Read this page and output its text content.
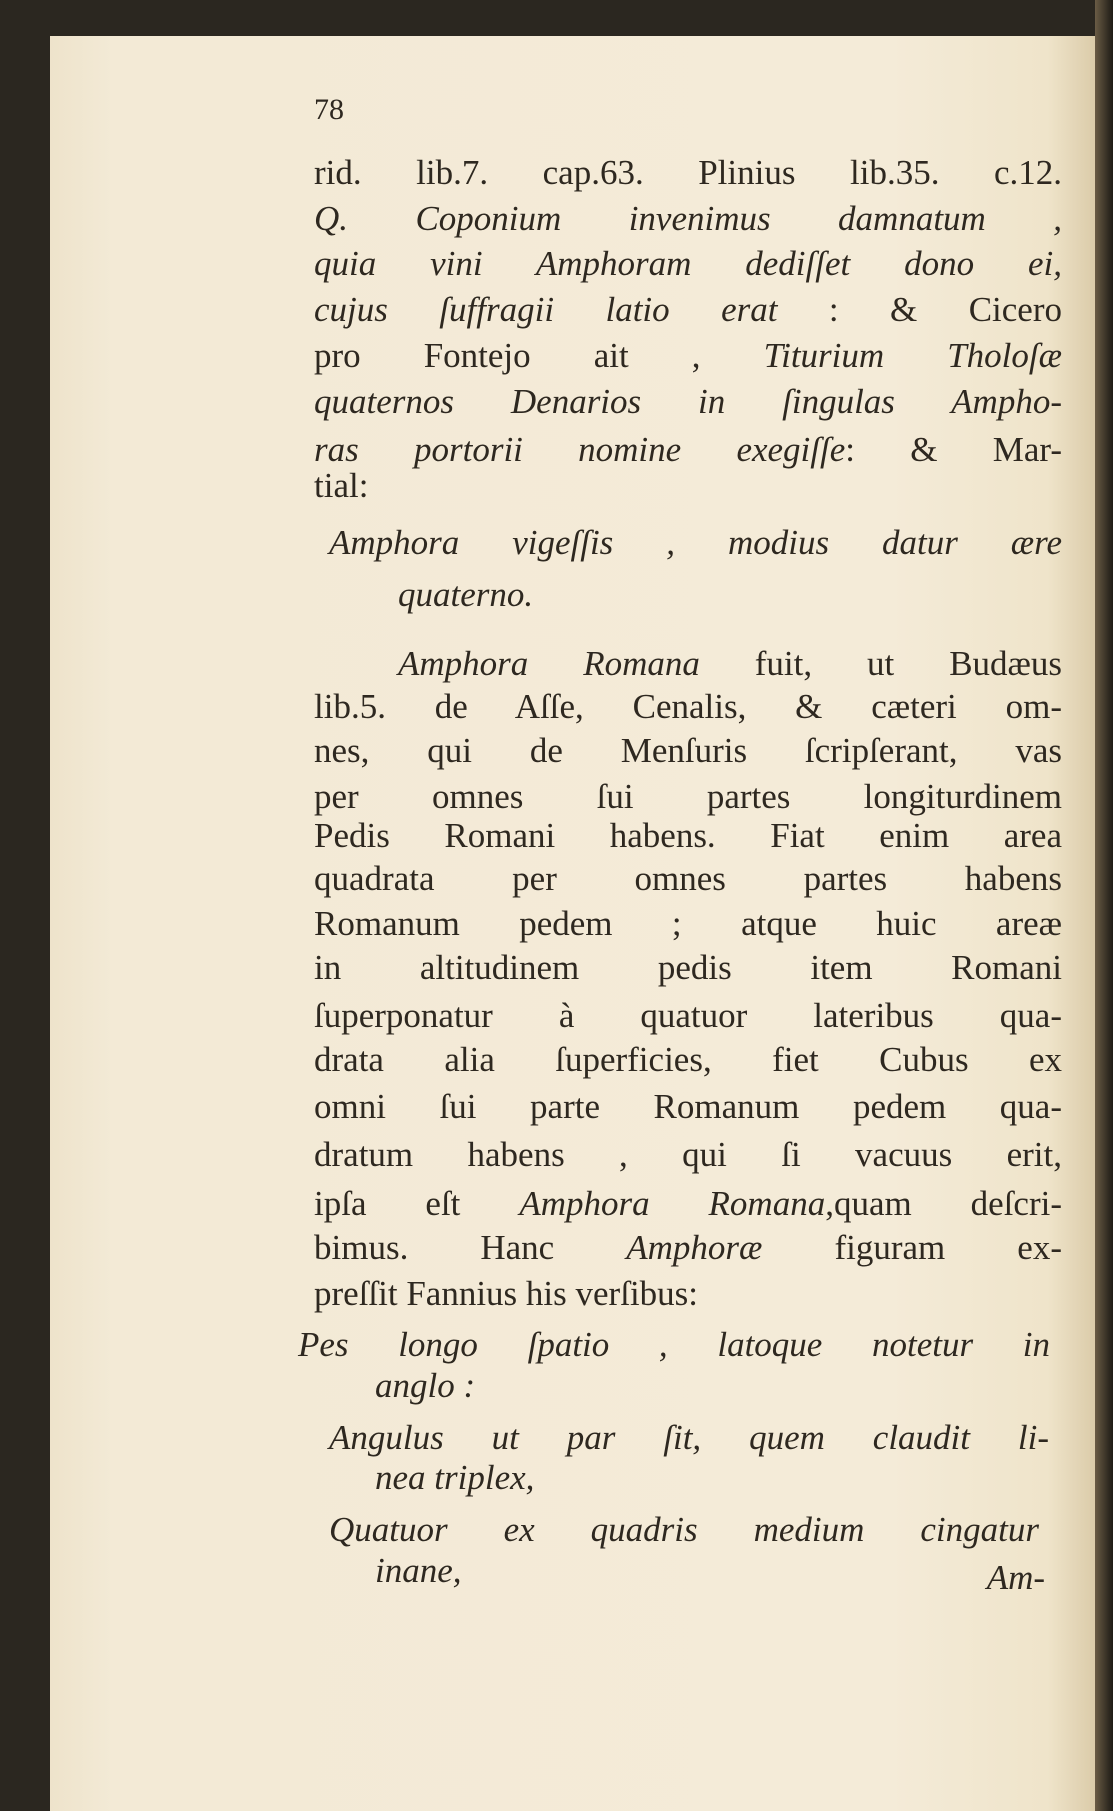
78
rid. lib.7. cap.63. Plinius lib.35. c.12.
Q. Coponium invenimus damnatum ,
quia vini Amphoram dediſſet dono ei,
cujus ſuffragii latio erat : & Cicero
pro Fontejo ait , Titurium Tholoſæ
quaternos Denarios in ſingulas Ampho-
ras portorii nomine exegiſſe: & Mar-
tial:
Amphora vigeſſis , modius datur ære
quaterno.
Amphora Romana fuit, ut Budæus
lib.5. de Aſſe, Cenalis, & cæteri om-
nes, qui de Menſuris ſcripſerant, vas
per omnes ſui partes longiturdinem
Pedis Romani habens. Fiat enim area
quadrata per omnes partes habens
Romanum pedem ; atque huic areæ
in altitudinem pedis item Romani
ſuperponatur à quatuor lateribus qua-
drata alia ſuperficies, fiet Cubus ex
omni ſui parte Romanum pedem qua-
dratum habens , qui ſi vacuus erit,
ipſa eſt Amphora Romana,quam deſcri-
bimus. Hanc Amphoræ figuram ex-
preſſit Fannius his verſibus:
Pes longo ſpatio , latoque notetur in
anglo :
Angulus ut par ſit, quem claudit li-
nea triplex,
Quatuor ex quadris medium cingatur
inane,	Am-
